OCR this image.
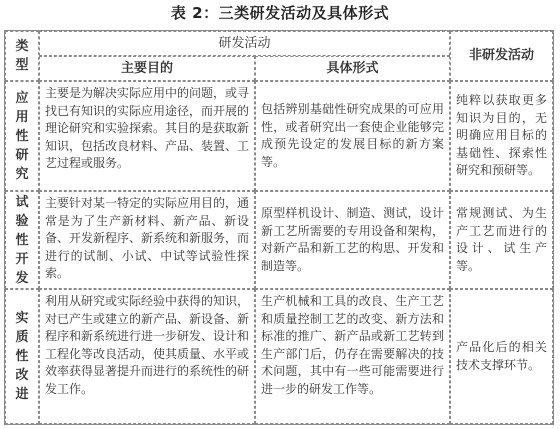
表 2：三类研发活动及具体形式
类型
研发活动
主要目的	具体形式
非研发活动
应用性研究
主要是为解决实际应用中的问题，或寻找已有知识的实际应用途径，而开展的理论研究和实验探索。其目的是获取新知识，包括改良材料、产品、装置、工艺过程或服务。
包括辨别基础性研究成果的可应用性，或者研究出一套使企业能够完成预先设定的发展目标的新方案等。
纯粹以获取更多知识为目的，无明确应用目标的基础性、探索性研究和预研等。
试验性开发
主要针对某一特定的实际应用目的，通常是为了生产新材料、新产品、新设备、开发新程序、新系统和新服务，而进行的试制、小试、中试等试验性探索。
原型样机设计、制造、测试，设计新工艺所需要的专用设备和架构，对新产品和新工艺的构思、开发和制造等。
常规测试、为生产工艺而进行的设计、试生产等。
实质性改进
利用从研究或实际经验中获得的知识，对已产生或建立的新产品、新设备、新程序和新系统进行进一步研发、设计和工程化等改良活动，使其质量、水平或效率获得显著提升而进行的系统性的研发工作。
生产机械和工具的改良、生产工艺和质量控制工艺的改变、新方法和标准的推广、新产品或新工艺转到生产部门后，仍存在需要解决的技术问题，其中有一些可能需要进行进一步的研发工作等。
产品化后的相关技术支撑环节。
